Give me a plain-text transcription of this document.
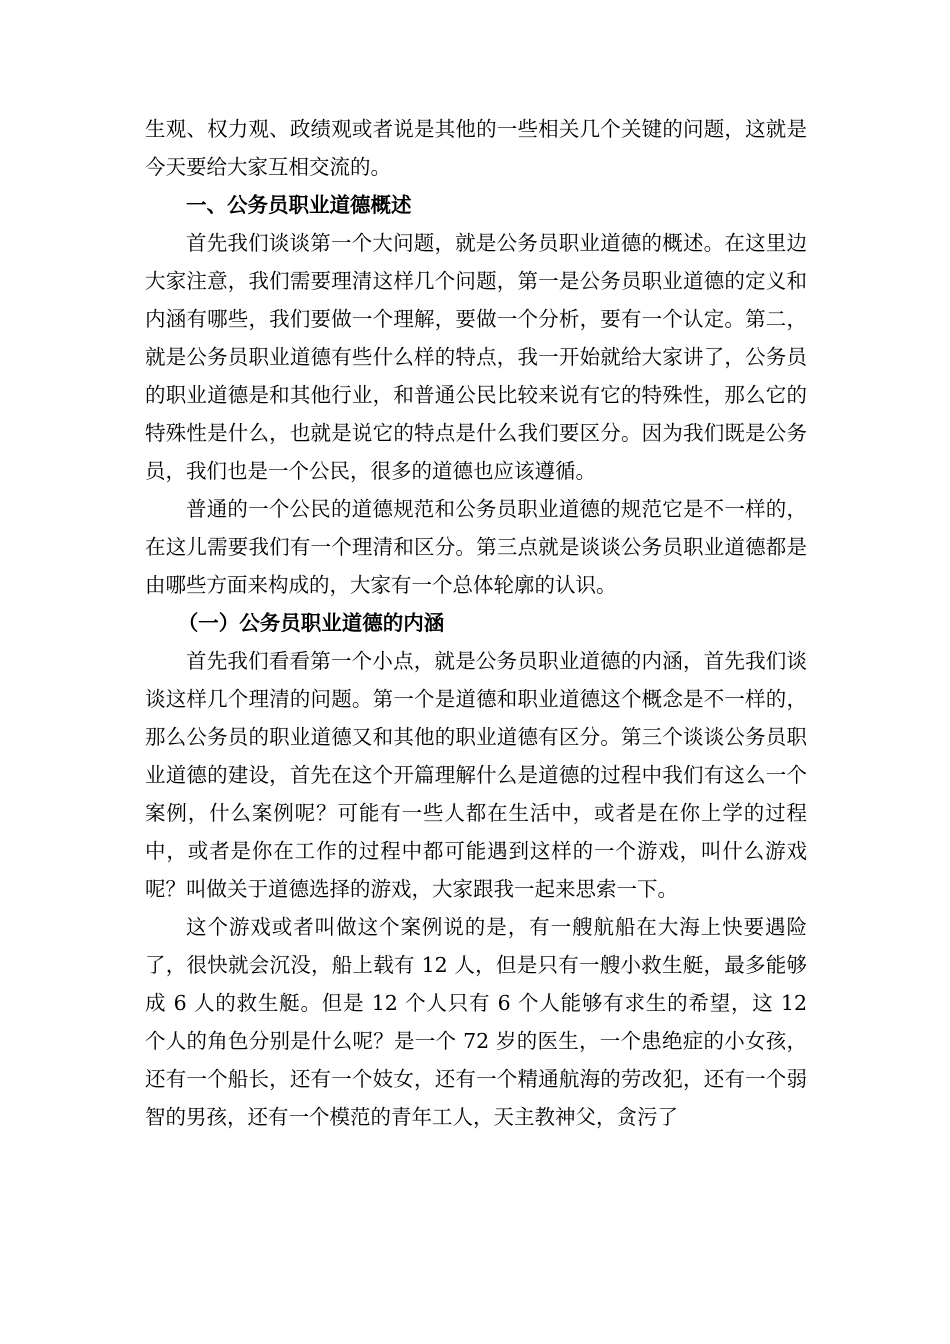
生观、权力观、政绩观或者说是其他的一些相关几个关键的问题，这就是今天要给大家互相交流的。

一、公务员职业道德概述

首先我们谈谈第一个大问题，就是公务员职业道德的概述。在这里边大家注意，我们需要理清这样几个问题，第一是公务员职业道德的定义和内涵有哪些，我们要做一个理解，要做一个分析，要有一个认定。第二，就是公务员职业道德有些什么样的特点，我一开始就给大家讲了，公务员的职业道德是和其他行业，和普通公民比较来说有它的特殊性，那么它的特殊性是什么，也就是说它的特点是什么我们要区分。因为我们既是公务员，我们也是一个公民，很多的道德也应该遵循。

普通的一个公民的道德规范和公务员职业道德的规范它是不一样的，在这儿需要我们有一个理清和区分。第三点就是谈谈公务员职业道德都是由哪些方面来构成的，大家有一个总体轮廓的认识。

（一）公务员职业道德的内涵

首先我们看看第一个小点，就是公务员职业道德的内涵，首先我们谈谈这样几个理清的问题。第一个是道德和职业道德这个概念是不一样的，那么公务员的职业道德又和其他的职业道德有区分。第三个谈谈公务员职业道德的建设，首先在这个开篇理解什么是道德的过程中我们有这么一个案例，什么案例呢？可能有一些人都在生活中，或者是在你上学的过程中，或者是你在工作的过程中都可能遇到这样的一个游戏，叫什么游戏呢？叫做关于道德选择的游戏，大家跟我一起来思索一下。

这个游戏或者叫做这个案例说的是，有一艘航船在大海上快要遇险了，很快就会沉没，船上载有 12 人，但是只有一艘小救生艇，最多能够成 6 人的救生艇。但是 12 个人只有 6 个人能够有求生的希望，这 12 个人的角色分别是什么呢？是一个 72 岁的医生，一个患绝症的小女孩，还有一个船长，还有一个妓女，还有一个精通航海的劳改犯，还有一个弱智的男孩，还有一个模范的青年工人，天主教神父，贪污了
